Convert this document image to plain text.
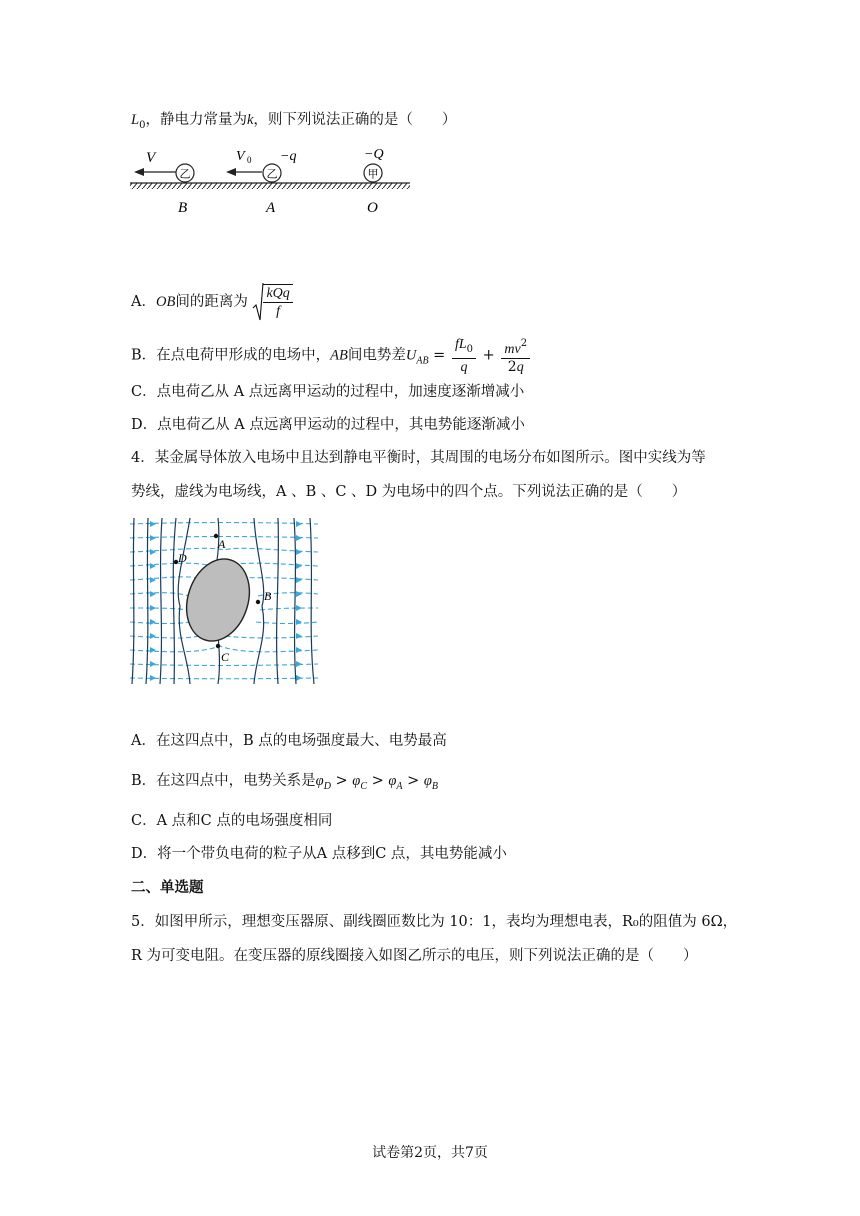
$L_0$，静电力常量为k，则下列说法正确的是（　　）
V
乙
V 0 −q
乙
−Q
甲
B	A	O
A．OB间的距离为 $\frac{\text{kQq}}{f}$
B．在点电荷甲形成的电场中，AB间电势差$U_{AB} = \frac{fL_0}{q} + \frac{mv^2}{2q}$
C．点电荷乙从 A 点远离甲运动的过程中，加速度逐渐增减小
D．点电荷乙从 A 点远离甲运动的过程中，其电势能逐渐减小
4．某金属导体放入电场中且达到静电平衡时，其周围的电场分布如图所示。图中实线为等
势线，虚线为电场线，A 、B 、C 、D 为电场中的四个点。下列说法正确的是（　　）
A
D
B
C
A．在这四点中，B 点的电场强度最大、电势最高
B．在这四点中，电势关系是$\varphi_D > \varphi_C > \varphi_A > \varphi_B$
C．A 点和C 点的电场强度相同
D．将一个带负电荷的粒子从A 点移到C 点，其电势能减小
二、单选题
5．如图甲所示，理想变压器原、副线圈匝数比为 10：1，表均为理想电表，R₀的阻值为 6Ω，
R 为可变电阻。在变压器的原线圈接入如图乙所示的电压，则下列说法正确的是（　　）
试卷第2页，共7页
